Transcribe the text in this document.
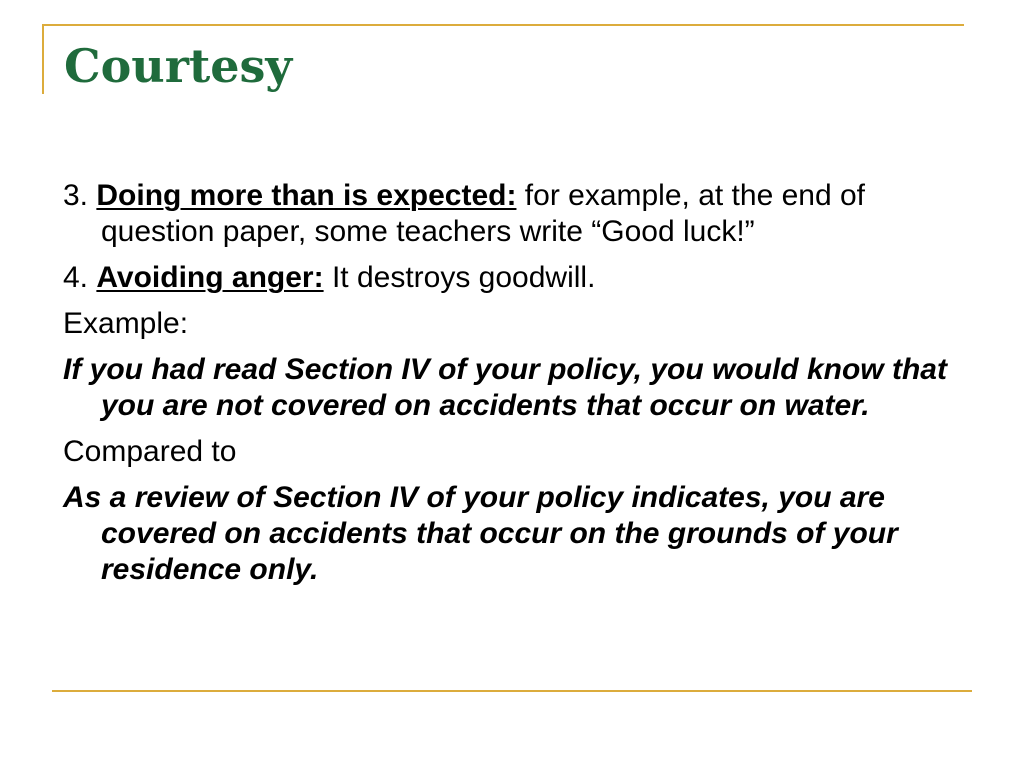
Courtesy

3. Doing more than is expected: for example, at the end of question paper, some teachers write “Good luck!”

4. Avoiding anger: It destroys goodwill.

Example:

If you had read Section IV of your policy, you would know that you are not covered on accidents that occur on water.

Compared to

As a review of Section IV of your policy indicates, you are covered on accidents that occur on the grounds of your residence only.
